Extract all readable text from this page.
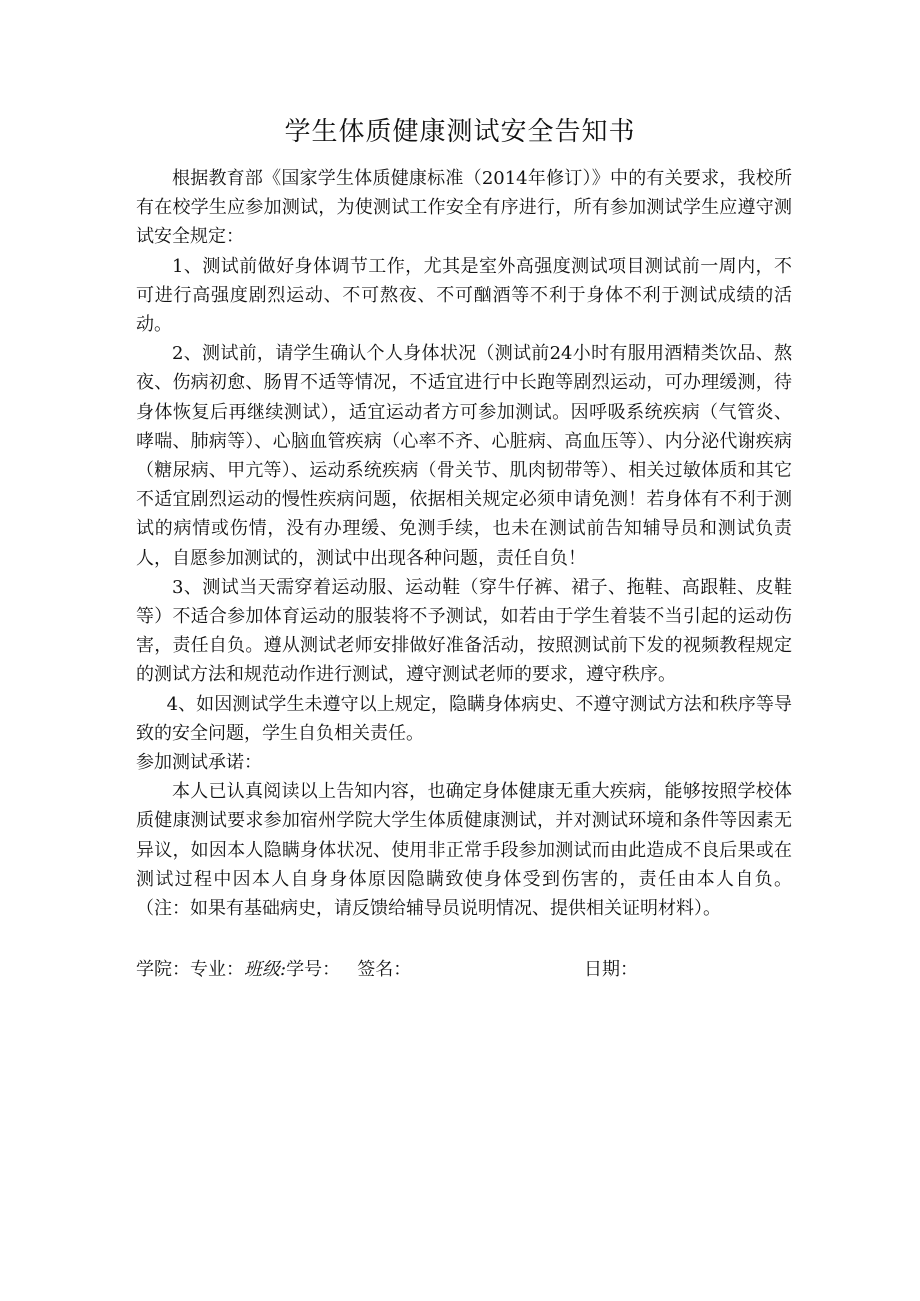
学生体质健康测试安全告知书

根据教育部《国家学生体质健康标准（2014年修订）》中的有关要求，我校所有在校学生应参加测试，为使测试工作安全有序进行，所有参加测试学生应遵守测试安全规定：

1、测试前做好身体调节工作，尤其是室外高强度测试项目测试前一周内，不可进行高强度剧烈运动、不可熬夜、不可酗酒等不利于身体不利于测试成绩的活动。

2、测试前，请学生确认个人身体状况（测试前24小时有服用酒精类饮品、熬夜、伤病初愈、肠胃不适等情况，不适宜进行中长跑等剧烈运动，可办理缓测，待身体恢复后再继续测试），适宜运动者方可参加测试。因呼吸系统疾病（气管炎、哮喘、肺病等）、心脑血管疾病（心率不齐、心脏病、高血压等）、内分泌代谢疾病（糖尿病、甲亢等）、运动系统疾病（骨关节、肌肉韧带等）、相关过敏体质和其它不适宜剧烈运动的慢性疾病问题，依据相关规定必须申请免测！若身体有不利于测试的病情或伤情，没有办理缓、免测手续，也未在测试前告知辅导员和测试负责人，自愿参加测试的，测试中出现各种问题，责任自负！

3、测试当天需穿着运动服、运动鞋（穿牛仔裤、裙子、拖鞋、高跟鞋、皮鞋等）不适合参加体育运动的服装将不予测试，如若由于学生着装不当引起的运动伤害，责任自负。遵从测试老师安排做好准备活动，按照测试前下发的视频教程规定的测试方法和规范动作进行测试，遵守测试老师的要求，遵守秩序。

4、如因测试学生未遵守以上规定，隐瞒身体病史、不遵守测试方法和秩序等导致的安全问题，学生自负相关责任。

参加测试承诺：

本人已认真阅读以上告知内容，也确定身体健康无重大疾病，能够按照学校体质健康测试要求参加宿州学院大学生体质健康测试，并对测试环境和条件等因素无异议，如因本人隐瞒身体状况、使用非正常手段参加测试而由此造成不良后果或在测试过程中因本人自身身体原因隐瞒致使身体受到伤害的，责任由本人自负。（注：如果有基础病史，请反馈给辅导员说明情况、提供相关证明材料）。

学院：专业：班级:学号： 签名：	日期：
